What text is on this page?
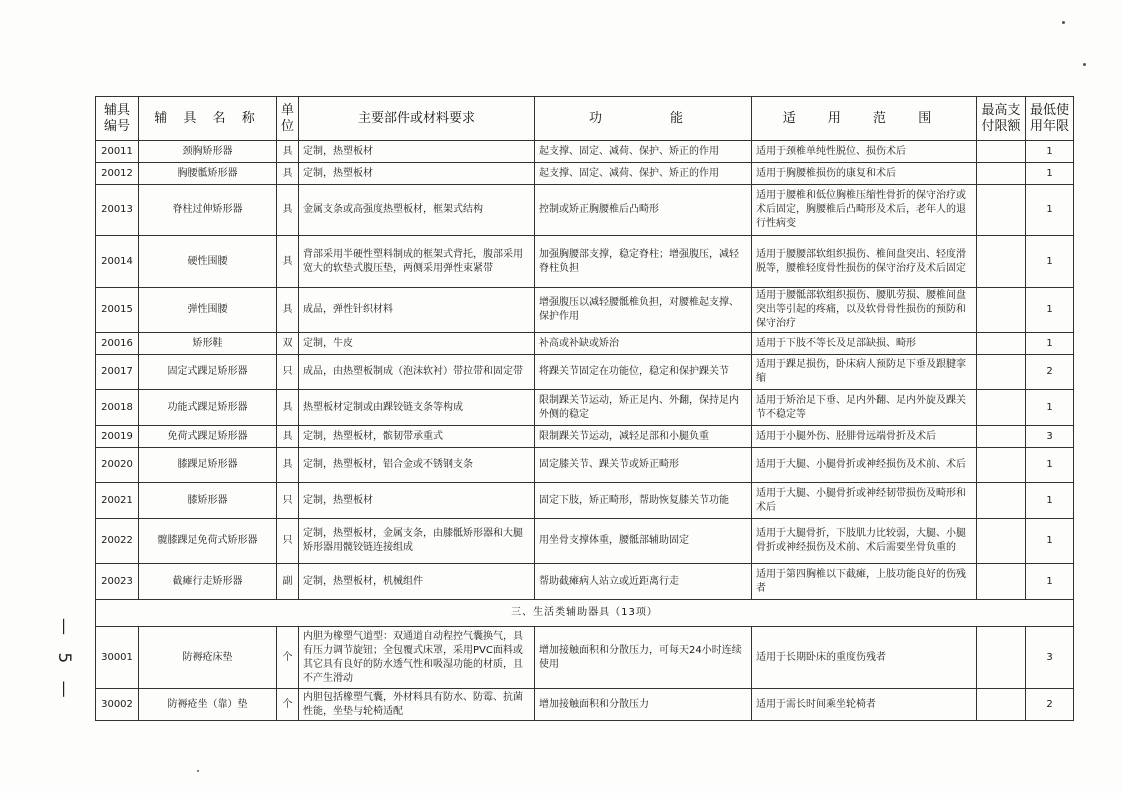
辅具编号	辅 具 名 称	单位	主要部件或材料要求	功　　能	适 用 范 围	最高支付限额	最低使用年限
20011	颈胸矫形器	具	定制，热塑板材	起支撑、固定、减荷、保护、矫正的作用	适用于颈椎单纯性脱位、损伤术后		1
20012	胸腰骶矫形器	具	定制，热塑板材	起支撑、固定、减荷、保护、矫正的作用	适用于胸腰椎损伤的康复和术后		1
20013	脊柱过伸矫形器	具	金属支条或高强度热塑板材，框架式结构	控制或矫正胸腰椎后凸畸形	适用于腰椎和低位胸椎压缩性骨折的保守治疗或术后固定，胸腰椎后凸畸形及术后，老年人的退行性病变		1
20014	硬性围腰	具	背部采用半硬性塑料制成的框架式背托，腹部采用宽大的软垫式腹压垫，两侧采用弹性束紧带	加强胸腰部支撑，稳定脊柱；增强腹压，减轻脊柱负担	适用于腰腰部软组织损伤、椎间盘突出、轻度滑脱等，腰椎轻度骨性损伤的保守治疗及术后固定		1
20015	弹性围腰	具	成品，弹性针织材料	增强腹压以减轻腰骶椎负担，对腰椎起支撑、保护作用	适用于腰骶部软组织损伤、腰肌劳损、腰椎间盘突出等引起的疼痛，以及软骨骨性损伤的预防和保守治疗		1
20016	矫形鞋	双	定制，牛皮	补高或补缺或矫治	适用于下肢不等长及足部缺损、畸形		1
20017	固定式踝足矫形器	只	成品，由热塑板制成（泡沫软衬）带拉带和固定带	将踝关节固定在功能位，稳定和保护踝关节	适用于踝足损伤，卧床病人预防足下垂及跟腱挛缩		2
20018	功能式踝足矫形器	具	热塑板材定制或由踝铰链支条等构成	限制踝关节运动，矫正足内、外翻，保持足内外侧的稳定	适用于矫治足下垂、足内外翻、足内外旋及踝关节不稳定等		1
20019	免荷式踝足矫形器	具	定制，热塑板材，髌韧带承重式	限制踝关节运动，减轻足部和小腿负重	适用于小腿外伤、胫腓骨远端骨折及术后		3
20020	膝踝足矫形器	具	定制，热塑板材，铝合金或不锈钢支条	固定膝关节、踝关节或矫正畸形	适用于大腿、小腿骨折或神经损伤及术前、术后		1
20021	膝矫形器	只	定制，热塑板材	固定下肢，矫正畸形，帮助恢复膝关节功能	适用于大腿、小腿骨折或神经韧带损伤及畸形和术后		1
20022	髋膝踝足免荷式矫形器	只	定制，热塑板材，金属支条，由膝骶矫形器和大腿矫形器用髋铰链连接组成	用坐骨支撑体重，腰骶部辅助固定	适用于大腿骨折，下肢肌力比较弱，大腿、小腿骨折或神经损伤及术前、术后需要坐骨负重的		1
20023	截瘫行走矫形器	副	定制，热塑板材，机械组件	帮助截瘫病人站立或近距离行走	适用于第四胸椎以下截瘫，上肢功能良好的伤残者		1
三、生活类辅助器具（13项）							
30001	防褥疮床垫	个	内胆为橡塑气道型：双通道自动程控气囊换气，具有压力调节旋钮；全包覆式床罩，采用PVC面料或其它具有良好的防水透气性和吸湿功能的材质，且不产生滑动	增加接触面积和分散压力，可每天24小时连续使用	适用于长期卧床的重度伤残者		3
30002	防褥疮坐（靠）垫	个	内胆包括橡塑气囊，外材料具有防水、防霉、抗菌性能，坐垫与轮椅适配	增加接触面积和分散压力	适用于需长时间乘坐轮椅者		2
— 5 —
